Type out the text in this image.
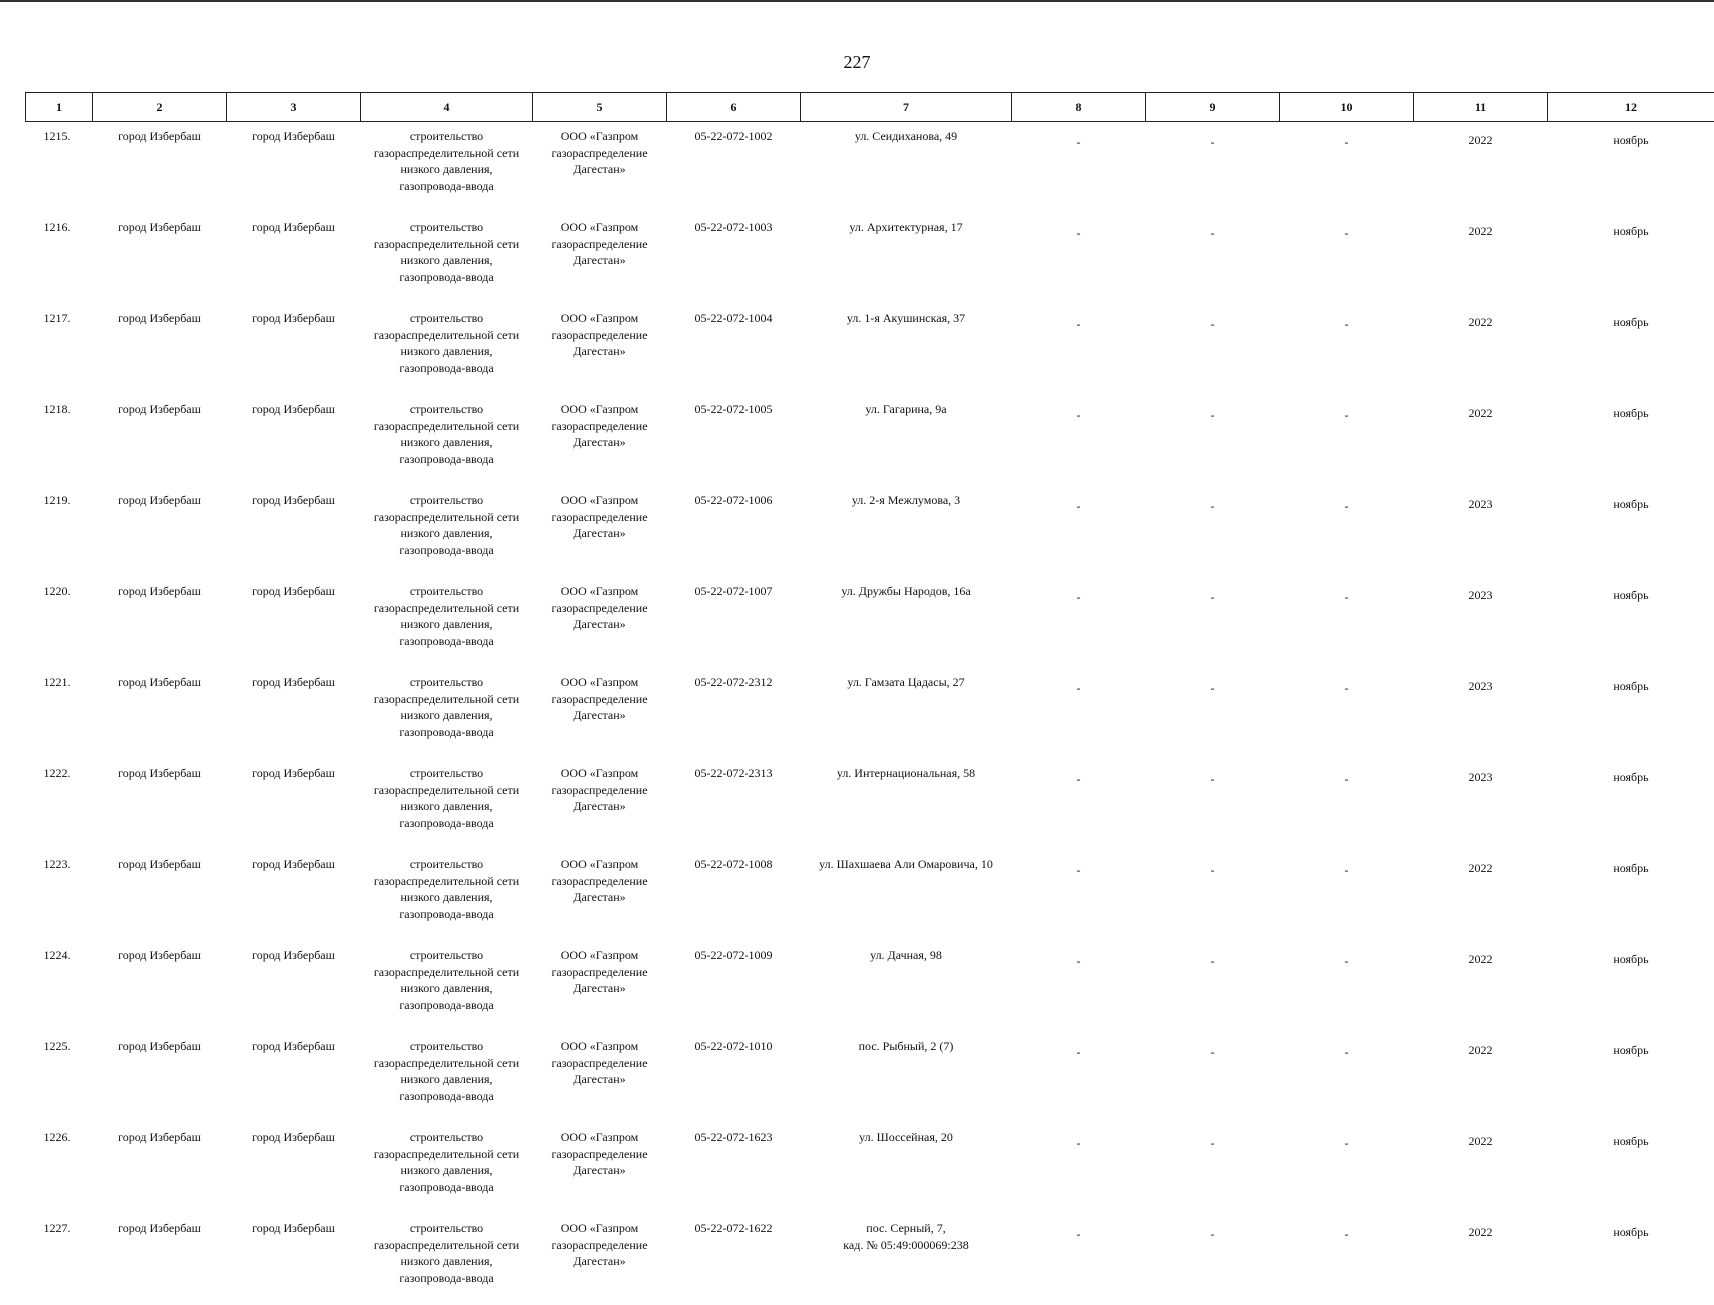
227
1	2	3	4	5	6	7	8	9	10	11	12
1215.	город Избербаш	город Избербаш	строительство
газораспределительной сети
низкого давления,
газопровода-ввода	ООО «Газпром
газораспределение
Дагестан»	05-22-072-1002	ул. Сеидиханова, 49	-	-	-	2022	ноябрь
1216.	город Избербаш	город Избербаш	строительство
газораспределительной сети
низкого давления,
газопровода-ввода	ООО «Газпром
газораспределение
Дагестан»	05-22-072-1003	ул. Архитектурная, 17	-	-	-	2022	ноябрь
1217.	город Избербаш	город Избербаш	строительство
газораспределительной сети
низкого давления,
газопровода-ввода	ООО «Газпром
газораспределение
Дагестан»	05-22-072-1004	ул. 1-я Акушинская, 37	-	-	-	2022	ноябрь
1218.	город Избербаш	город Избербаш	строительство
газораспределительной сети
низкого давления,
газопровода-ввода	ООО «Газпром
газораспределение
Дагестан»	05-22-072-1005	ул. Гагарина, 9а	-	-	-	2022	ноябрь
1219.	город Избербаш	город Избербаш	строительство
газораспределительной сети
низкого давления,
газопровода-ввода	ООО «Газпром
газораспределение
Дагестан»	05-22-072-1006	ул. 2-я Межлумова, 3	-	-	-	2023	ноябрь
1220.	город Избербаш	город Избербаш	строительство
газораспределительной сети
низкого давления,
газопровода-ввода	ООО «Газпром
газораспределение
Дагестан»	05-22-072-1007	ул. Дружбы Народов, 16а	-	-	-	2023	ноябрь
1221.	город Избербаш	город Избербаш	строительство
газораспределительной сети
низкого давления,
газопровода-ввода	ООО «Газпром
газораспределение
Дагестан»	05-22-072-2312	ул. Гамзата Цадасы, 27	-	-	-	2023	ноябрь
1222.	город Избербаш	город Избербаш	строительство
газораспределительной сети
низкого давления,
газопровода-ввода	ООО «Газпром
газораспределение
Дагестан»	05-22-072-2313	ул. Интернациональная, 58	-	-	-	2023	ноябрь
1223.	город Избербаш	город Избербаш	строительство
газораспределительной сети
низкого давления,
газопровода-ввода	ООО «Газпром
газораспределение
Дагестан»	05-22-072-1008	ул. Шахшаева Али Омаровича, 10	-	-	-	2022	ноябрь
1224.	город Избербаш	город Избербаш	строительство
газораспределительной сети
низкого давления,
газопровода-ввода	ООО «Газпром
газораспределение
Дагестан»	05-22-072-1009	ул. Дачная, 98	-	-	-	2022	ноябрь
1225.	город Избербаш	город Избербаш	строительство
газораспределительной сети
низкого давления,
газопровода-ввода	ООО «Газпром
газораспределение
Дагестан»	05-22-072-1010	пос. Рыбный, 2 (7)	-	-	-	2022	ноябрь
1226.	город Избербаш	город Избербаш	строительство
газораспределительной сети
низкого давления,
газопровода-ввода	ООО «Газпром
газораспределение
Дагестан»	05-22-072-1623	ул. Шоссейная, 20	-	-	-	2022	ноябрь
1227.	город Избербаш	город Избербаш	строительство
газораспределительной сети
низкого давления,
газопровода-ввода	ООО «Газпром
газораспределение
Дагестан»	05-22-072-1622	пос. Серный, 7,
кад. № 05:49:000069:238	-	-	-	2022	ноябрь
